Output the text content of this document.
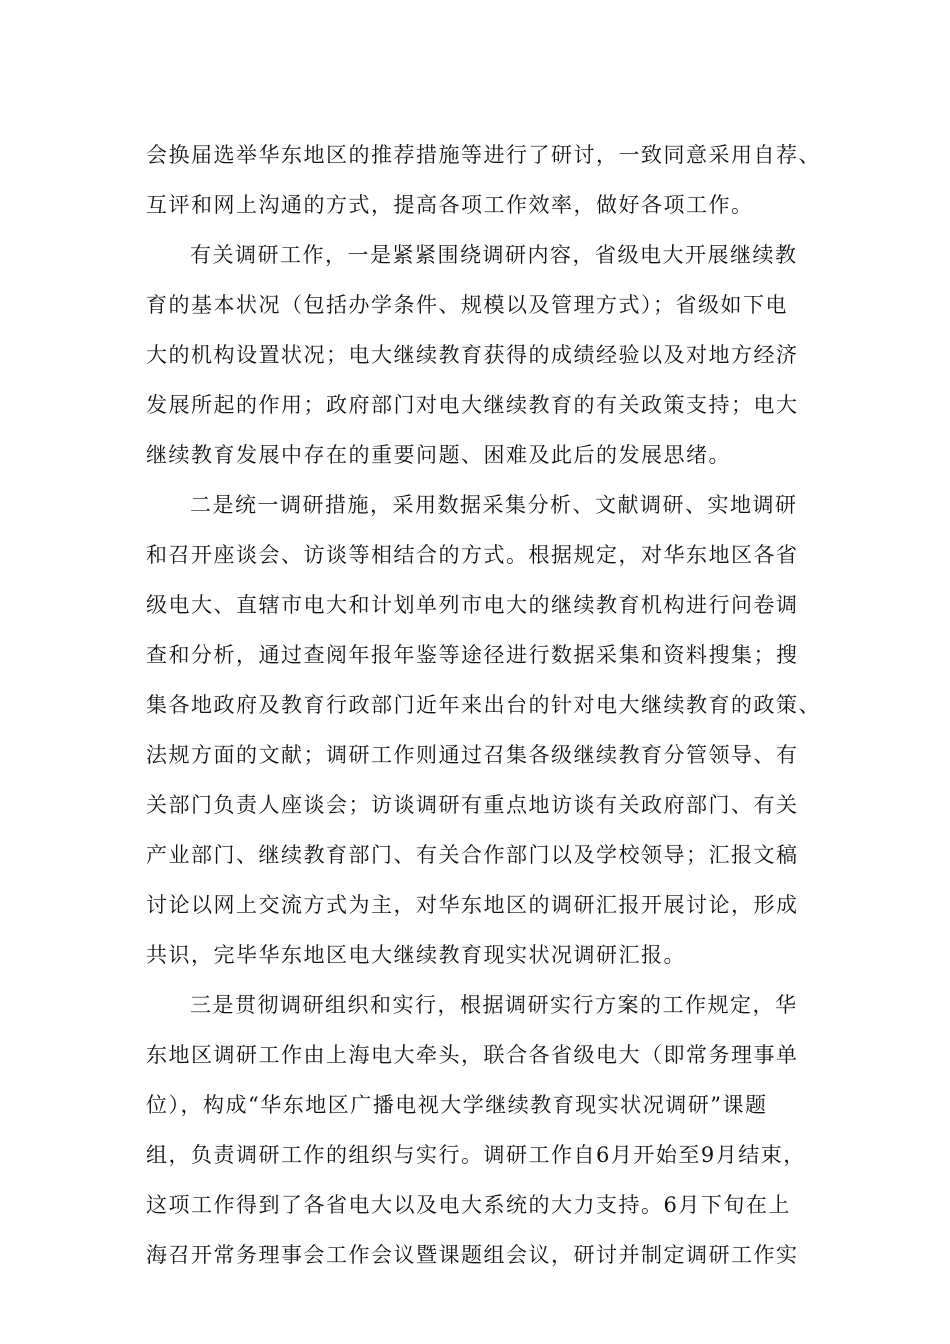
会换届选举华东地区的推荐措施等进行了研讨，一致同意采用自荐、
互评和网上沟通的方式，提高各项工作效率，做好各项工作。
有关调研工作，一是紧紧围绕调研内容，省级电大开展继续教
育的基本状况（包括办学条件、规模以及管理方式）；省级如下电
大的机构设置状况；电大继续教育获得的成绩经验以及对地方经济
发展所起的作用；政府部门对电大继续教育的有关政策支持；电大
继续教育发展中存在的重要问题、困难及此后的发展思绪。
二是统一调研措施，采用数据采集分析、文献调研、实地调研
和召开座谈会、访谈等相结合的方式。根据规定，对华东地区各省
级电大、直辖市电大和计划单列市电大的继续教育机构进行问卷调
查和分析，通过查阅年报年鉴等途径进行数据采集和资料搜集；搜
集各地政府及教育行政部门近年来出台的针对电大继续教育的政策、
法规方面的文献；调研工作则通过召集各级继续教育分管领导、有
关部门负责人座谈会；访谈调研有重点地访谈有关政府部门、有关
产业部门、继续教育部门、有关合作部门以及学校领导；汇报文稿
讨论以网上交流方式为主，对华东地区的调研汇报开展讨论，形成
共识，完毕华东地区电大继续教育现实状况调研汇报。
三是贯彻调研组织和实行，根据调研实行方案的工作规定，华
东地区调研工作由上海电大牵头，联合各省级电大（即常务理事单
位），构成“华东地区广播电视大学继续教育现实状况调研”课题
组，负责调研工作的组织与实行。调研工作自6月开始至9月结束，
这项工作得到了各省电大以及电大系统的大力支持。6月下旬在上
海召开常务理事会工作会议暨课题组会议，研讨并制定调研工作实
